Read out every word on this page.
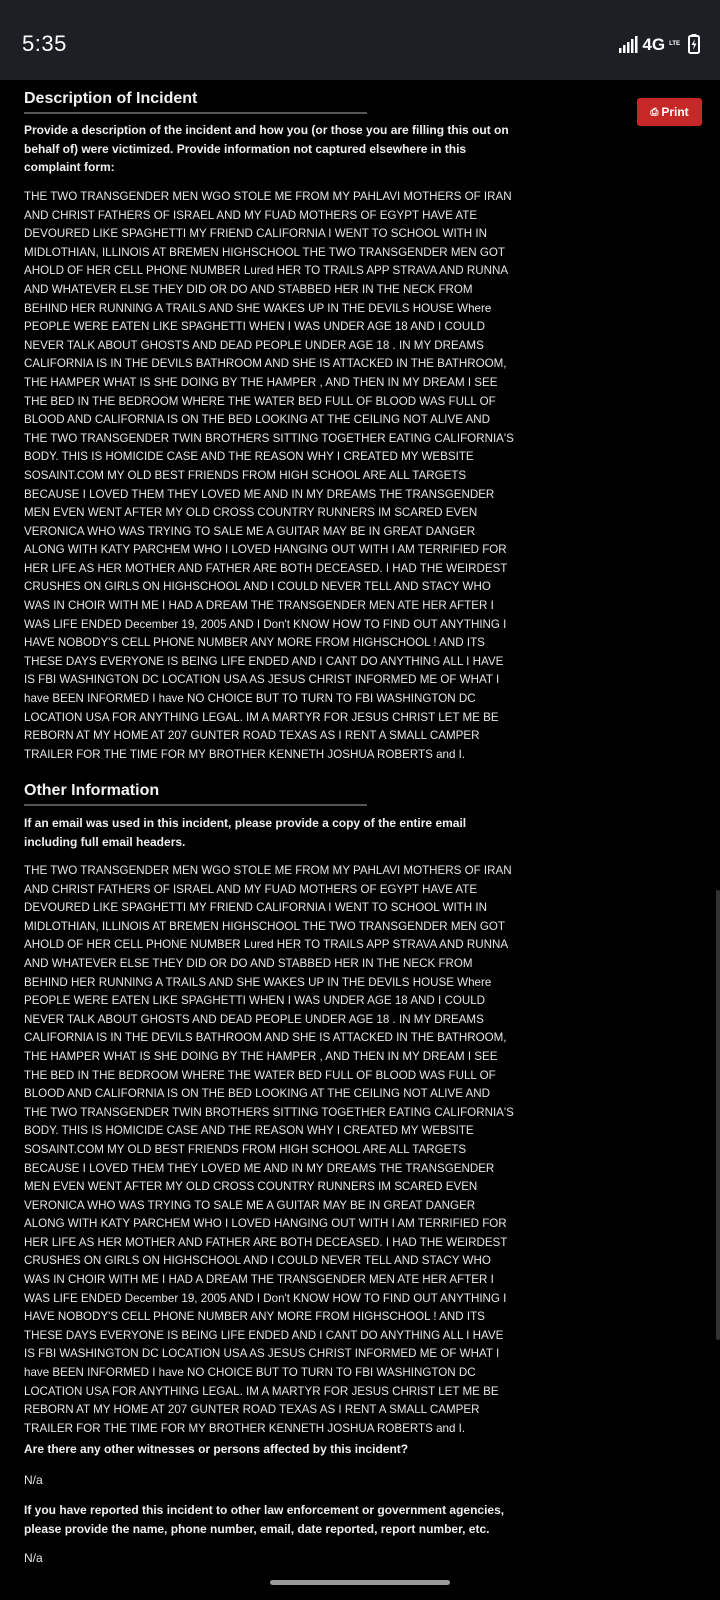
5:35	4G LTE
⎙ Print
Description of Incident
Provide a description of the incident and how you (or those you are filling this out on behalf of) were victimized. Provide information not captured elsewhere in this complaint form:
THE TWO TRANSGENDER MEN WGO STOLE ME FROM MY PAHLAVI MOTHERS OF IRAN AND CHRIST FATHERS OF ISRAEL AND MY FUAD MOTHERS OF EGYPT HAVE ATE DEVOURED LIKE SPAGHETTI MY FRIEND CALIFORNIA I WENT TO SCHOOL WITH IN MIDLOTHIAN, ILLINOIS AT BREMEN HIGHSCHOOL THE TWO TRANSGENDER MEN GOT AHOLD OF HER CELL PHONE NUMBER Lured HER TO TRAILS APP STRAVA AND RUNNA AND WHATEVER ELSE THEY DID OR DO AND STABBED HER IN THE NECK FROM BEHIND HER RUNNING A TRAILS AND SHE WAKES UP IN THE DEVILS HOUSE Where PEOPLE WERE EATEN LIKE SPAGHETTI WHEN I WAS UNDER AGE 18 AND I COULD NEVER TALK ABOUT GHOSTS AND DEAD PEOPLE UNDER AGE 18 . IN MY DREAMS CALIFORNIA IS IN THE DEVILS BATHROOM AND SHE IS ATTACKED IN THE BATHROOM, THE HAMPER WHAT IS SHE DOING BY THE HAMPER , AND THEN IN MY DREAM I SEE THE BED IN THE BEDROOM WHERE THE WATER BED FULL OF BLOOD WAS FULL OF BLOOD AND CALIFORNIA IS ON THE BED LOOKING AT THE CEILING NOT ALIVE AND THE TWO TRANSGENDER TWIN BROTHERS SITTING TOGETHER EATING CALIFORNIA'S BODY. THIS IS HOMICIDE CASE AND THE REASON WHY I CREATED MY WEBSITE SOSAINT.COM MY OLD BEST FRIENDS FROM HIGH SCHOOL ARE ALL TARGETS BECAUSE I LOVED THEM THEY LOVED ME AND IN MY DREAMS THE TRANSGENDER MEN EVEN WENT AFTER MY OLD CROSS COUNTRY RUNNERS IM SCARED EVEN VERONICA WHO WAS TRYING TO SALE ME A GUITAR MAY BE IN GREAT DANGER ALONG WITH KATY PARCHEM WHO I LOVED HANGING OUT WITH I AM TERRIFIED FOR HER LIFE AS HER MOTHER AND FATHER ARE BOTH DECEASED. I HAD THE WEIRDEST CRUSHES ON GIRLS ON HIGHSCHOOL AND I COULD NEVER TELL AND STACY WHO WAS IN CHOIR WITH ME I HAD A DREAM THE TRANSGENDER MEN ATE HER AFTER I WAS LIFE ENDED December 19, 2005 AND I Don't KNOW HOW TO FIND OUT ANYTHING I HAVE NOBODY'S CELL PHONE NUMBER ANY MORE FROM HIGHSCHOOL ! AND ITS THESE DAYS EVERYONE IS BEING LIFE ENDED AND I CANT DO ANYTHING ALL I HAVE IS FBI WASHINGTON DC LOCATION USA AS JESUS CHRIST INFORMED ME OF WHAT I have BEEN INFORMED I have NO CHOICE BUT TO TURN TO FBI WASHINGTON DC LOCATION USA FOR ANYTHING LEGAL. IM A MARTYR FOR JESUS CHRIST LET ME BE REBORN AT MY HOME AT 207 GUNTER ROAD TEXAS AS I RENT A SMALL CAMPER TRAILER FOR THE TIME FOR MY BROTHER KENNETH JOSHUA ROBERTS and I.
Other Information
If an email was used in this incident, please provide a copy of the entire email including full email headers.
THE TWO TRANSGENDER MEN WGO STOLE ME FROM MY PAHLAVI MOTHERS OF IRAN AND CHRIST FATHERS OF ISRAEL AND MY FUAD MOTHERS OF EGYPT HAVE ATE DEVOURED LIKE SPAGHETTI MY FRIEND CALIFORNIA I WENT TO SCHOOL WITH IN MIDLOTHIAN, ILLINOIS AT BREMEN HIGHSCHOOL THE TWO TRANSGENDER MEN GOT AHOLD OF HER CELL PHONE NUMBER Lured HER TO TRAILS APP STRAVA AND RUNNA AND WHATEVER ELSE THEY DID OR DO AND STABBED HER IN THE NECK FROM BEHIND HER RUNNING A TRAILS AND SHE WAKES UP IN THE DEVILS HOUSE Where PEOPLE WERE EATEN LIKE SPAGHETTI WHEN I WAS UNDER AGE 18 AND I COULD NEVER TALK ABOUT GHOSTS AND DEAD PEOPLE UNDER AGE 18 . IN MY DREAMS CALIFORNIA IS IN THE DEVILS BATHROOM AND SHE IS ATTACKED IN THE BATHROOM, THE HAMPER WHAT IS SHE DOING BY THE HAMPER , AND THEN IN MY DREAM I SEE THE BED IN THE BEDROOM WHERE THE WATER BED FULL OF BLOOD WAS FULL OF BLOOD AND CALIFORNIA IS ON THE BED LOOKING AT THE CEILING NOT ALIVE AND THE TWO TRANSGENDER TWIN BROTHERS SITTING TOGETHER EATING CALIFORNIA'S BODY. THIS IS HOMICIDE CASE AND THE REASON WHY I CREATED MY WEBSITE SOSAINT.COM MY OLD BEST FRIENDS FROM HIGH SCHOOL ARE ALL TARGETS BECAUSE I LOVED THEM THEY LOVED ME AND IN MY DREAMS THE TRANSGENDER MEN EVEN WENT AFTER MY OLD CROSS COUNTRY RUNNERS IM SCARED EVEN VERONICA WHO WAS TRYING TO SALE ME A GUITAR MAY BE IN GREAT DANGER ALONG WITH KATY PARCHEM WHO I LOVED HANGING OUT WITH I AM TERRIFIED FOR HER LIFE AS HER MOTHER AND FATHER ARE BOTH DECEASED. I HAD THE WEIRDEST CRUSHES ON GIRLS ON HIGHSCHOOL AND I COULD NEVER TELL AND STACY WHO WAS IN CHOIR WITH ME I HAD A DREAM THE TRANSGENDER MEN ATE HER AFTER I WAS LIFE ENDED December 19, 2005 AND I Don't KNOW HOW TO FIND OUT ANYTHING I HAVE NOBODY'S CELL PHONE NUMBER ANY MORE FROM HIGHSCHOOL ! AND ITS THESE DAYS EVERYONE IS BEING LIFE ENDED AND I CANT DO ANYTHING ALL I HAVE IS FBI WASHINGTON DC LOCATION USA AS JESUS CHRIST INFORMED ME OF WHAT I have BEEN INFORMED I have NO CHOICE BUT TO TURN TO FBI WASHINGTON DC LOCATION USA FOR ANYTHING LEGAL. IM A MARTYR FOR JESUS CHRIST LET ME BE REBORN AT MY HOME AT 207 GUNTER ROAD TEXAS AS I RENT A SMALL CAMPER TRAILER FOR THE TIME FOR MY BROTHER KENNETH JOSHUA ROBERTS and I.
Are there any other witnesses or persons affected by this incident?
N/a
If you have reported this incident to other law enforcement or government agencies, please provide the name, phone number, email, date reported, report number, etc.
N/a
